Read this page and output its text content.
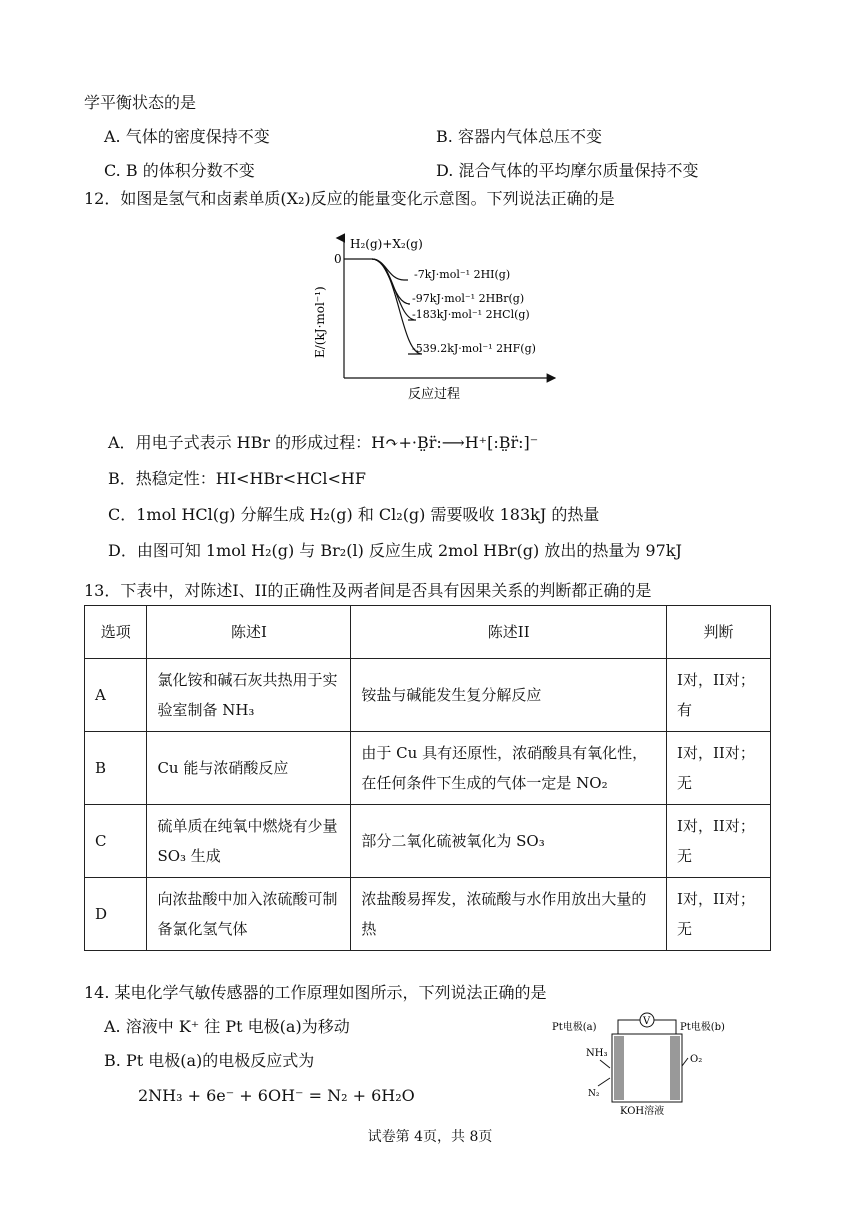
学平衡状态的是
A. 气体的密度保持不变	B. 容器内气体总压不变
C. B 的体积分数不变	D. 混合气体的平均摩尔质量保持不变
12．如图是氢气和卤素单质(X₂)反应的能量变化示意图。下列说法正确的是
E/(kJ·mol⁻¹)
0
H₂(g)+X₂(g)
-7kJ·mol⁻¹ 2HI(g)
-97kJ·mol⁻¹ 2HBr(g)
-183kJ·mol⁻¹ 2HCl(g)
-539.2kJ·mol⁻¹ 2HF(g)
反应过程
A．用电子式表示 HBr 的形成过程：H↷+·B̤r̈:⟶H⁺[:B̤r̈:]⁻
B．热稳定性：HI<HBr<HCl<HF
C．1mol HCl(g) 分解生成 H₂(g) 和 Cl₂(g) 需要吸收 183kJ 的热量
D．由图可知 1mol H₂(g) 与 Br₂(l) 反应生成 2mol HBr(g) 放出的热量为 97kJ
13．下表中，对陈述I、II的正确性及两者间是否具有因果关系的判断都正确的是
选项	陈述I	陈述II	判断
A	氯化铵和碱石灰共热用于实验室制备 NH₃	铵盐与碱能发生复分解反应	I对，II对；有
B	Cu 能与浓硝酸反应	由于 Cu 具有还原性，浓硝酸具有氧化性，在任何条件下生成的气体一定是 NO₂	I对，II对；无
C	硫单质在纯氧中燃烧有少量 SO₃ 生成	部分二氧化硫被氧化为 SO₃	I对，II对；无
D	向浓盐酸中加入浓硫酸可制备氯化氢气体	浓盐酸易挥发，浓硫酸与水作用放出大量的热	I对，II对；无
14. 某电化学气敏传感器的工作原理如图所示，下列说法正确的是
A. 溶液中 K⁺ 往 Pt 电极(a)为移动
B. Pt 电极(a)的电极反应式为
2NH₃ + 6e⁻ + 6OH⁻ = N₂ + 6H₂O
Pt电极(a)	Pt电极(b)
V
NH₃
N₂
O₂
KOH溶液
试卷第 4页，共 8页
